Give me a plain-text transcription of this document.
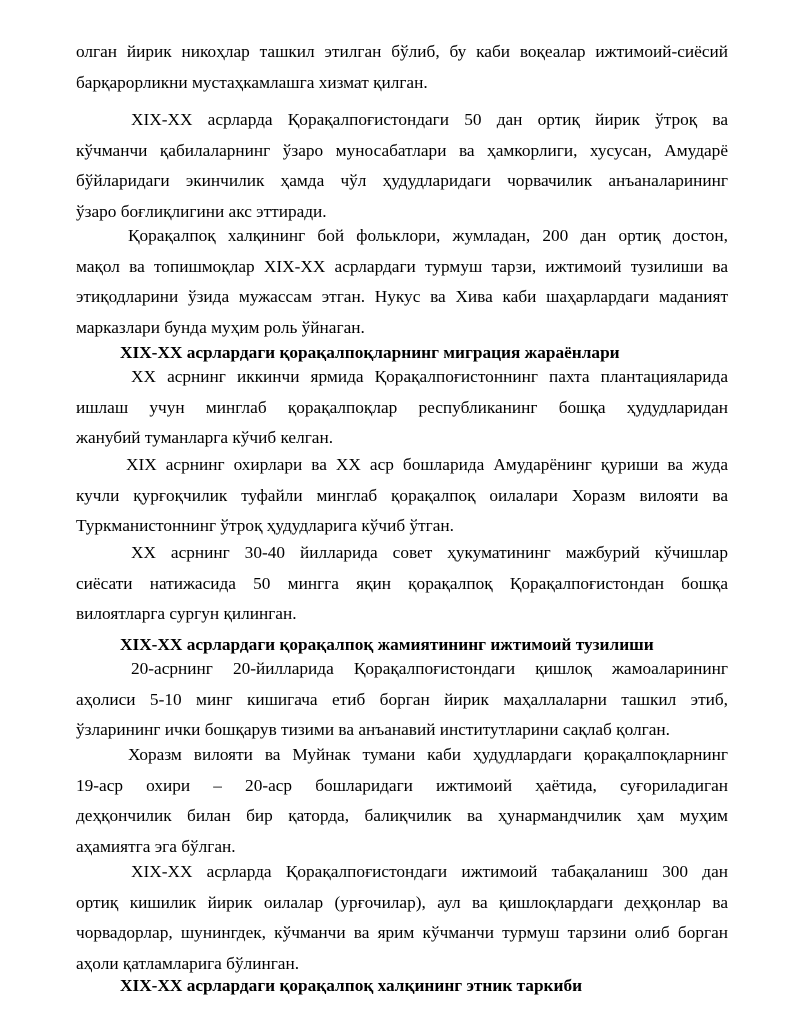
олган йирик никоҳлар ташкил этилган бўлиб, бу каби воқеалар ижтимоий-сиёсий
барқарорликни мустаҳкамлашга хизмат қилган.

XIX-XX асрларда Қорақалпоғистондаги 50 дан ортиқ йирик ўтроқ ва
кўчманчи қабилаларнинг ўзаро муносабатлари ва ҳамкорлиги, хусусан, Амударё
бўйларидаги экинчилик ҳамда чўл ҳудудларидаги чорвачилик анъаналарининг
ўзаро боғлиқлигини акс эттиради.

Қорақалпоқ халқининг бой фольклори, жумладан, 200 дан ортиқ достон,
мақол ва топишмоқлар XIX-XX асрлардаги турмуш тарзи, ижтимоий тузилиши ва
этиқодларини ўзида мужассам этган. Нукус ва Хива каби шаҳарлардаги маданият
марказлари бунда муҳим роль ўйнаган.

XIX-XX асрлардаги қорақалпоқларнинг миграция жараёнлари

XX асрнинг иккинчи ярмида Қорақалпоғистоннинг пахта плантацияларида
ишлаш учун минглаб қорақалпоқлар республиканинг бошқа ҳудудларидан
жанубий туманларга кўчиб келган.

XIX асрнинг охирлари ва XX аср бошларида Амударёнинг қуриши ва жуда
кучли қурғоқчилик туфайли минглаб қорақалпоқ оилалари Хоразм вилояти ва
Туркманистоннинг ўтроқ ҳудудларига кўчиб ўтган.

XX асрнинг 30-40 йилларида совет ҳукуматининг мажбурий кўчишлар
сиёсати натижасида 50 мингга яқин қорақалпоқ Қорақалпоғистондан бошқа
вилоятларга сургун қилинган.

XIX-XX асрлардаги қорақалпоқ жамиятининг ижтимоий тузилиши

20-асрнинг 20-йилларида Қорақалпоғистондаги қишлоқ жамоаларининг
аҳолиси 5-10 минг кишигача етиб борган йирик маҳаллаларни ташкил этиб,
ўзларининг ички бошқарув тизими ва анъанавий институтларини сақлаб қолган.

Хоразм вилояти ва Муйнак тумани каби ҳудудлардаги қорақалпоқларнинг
19-аср охири – 20-аср бошларидаги ижтимоий ҳаётида, суғориладиган
деҳқончилик билан бир қаторда, балиқчилик ва ҳунармандчилик ҳам муҳим
аҳамиятга эга бўлган.

XIX-XX асрларда Қорақалпоғистондаги ижтимоий табақаланиш 300 дан
ортиқ кишилик йирик оилалар (урғочилар), аул ва қишлоқлардаги деҳқонлар ва
чорвадорлар, шунингдек, кўчманчи ва ярим кўчманчи турмуш тарзини олиб борган
аҳоли қатламларига бўлинган.

XIX-XX асрлардаги қорақалпоқ халқининг этник таркиби
